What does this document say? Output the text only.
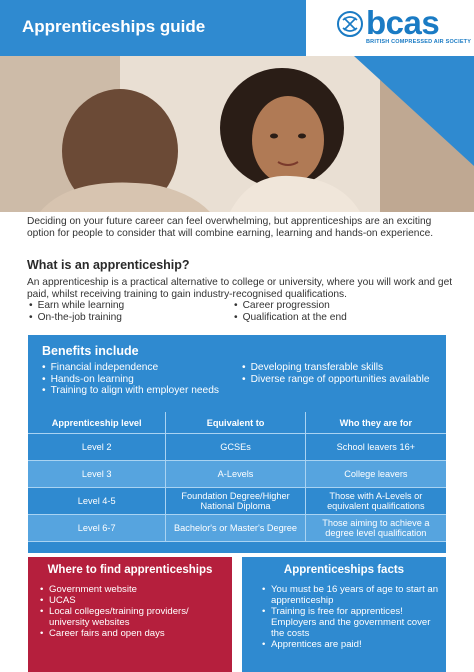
Apprenticeships guide	bcas
BRITISH COMPRESSED AIR SOCIETY
Deciding on your future career can feel overwhelming, but apprenticeships are an exciting option for people to consider that will combine earning, learning and hands-on experience.
What is an apprenticeship?
An apprenticeship is a practical alternative to college or university, where you will work and get paid, whilst receiving training to gain industry-recognised qualifications.
• Earn while learning	• Career progression
• On-the-job training	• Qualification at the end
Benefits include
• Financial independence
• Hands-on learning
• Training to align with employer needs
• Developing transferable skills
• Diverse range of opportunities available
Apprenticeship level	Equivalent to	Who they are for
Level 2	GCSEs	School leavers 16+
Level 3	A-Levels	College leavers
Level 4-5	Foundation Degree/Higher National Diploma	Those with A-Levels or equivalent qualifications
Level 6-7	Bachelor's or Master's Degree	Those aiming to achieve a degree level qualification
Where to find apprenticeships
• Government website
• UCAS
• Local colleges/training providers/ university websites
• Career fairs and open days
Apprenticeships facts
• You must be 16 years of age to start an apprenticeship
• Training is free for apprentices! Employers and the government cover the costs
• Apprentices are paid!
